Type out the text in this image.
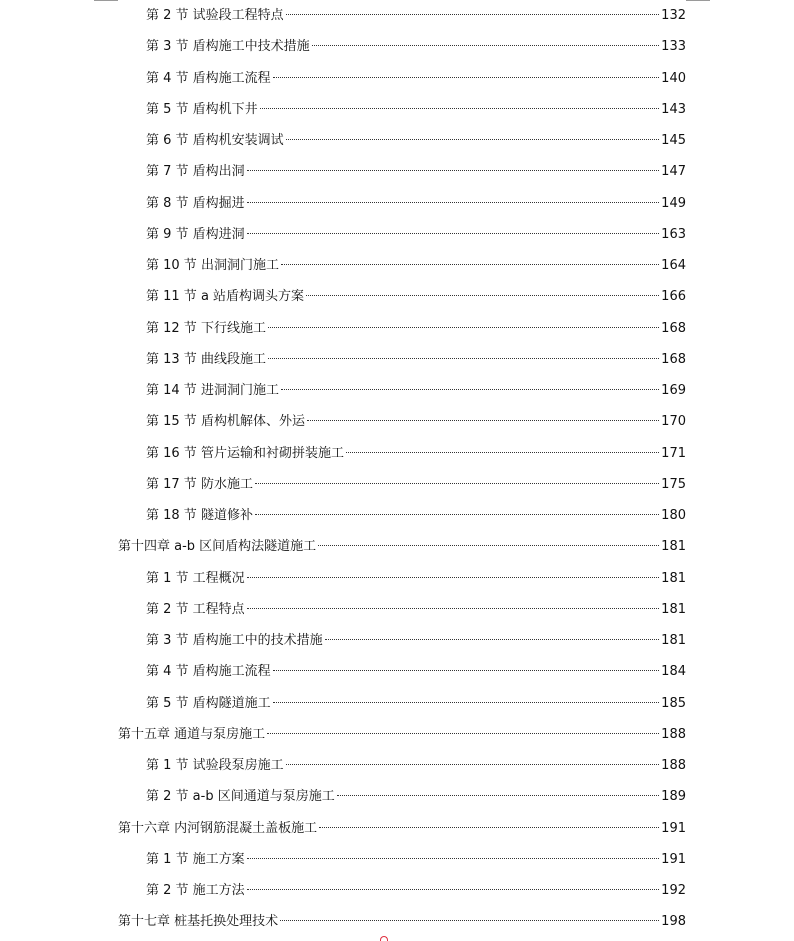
第 2 节 试验段工程特点	132
第 3 节 盾构施工中技术措施	133
第 4 节 盾构施工流程	140
第 5 节 盾构机下井	143
第 6 节 盾构机安装调试	145
第 7 节 盾构出洞	147
第 8 节 盾构掘进	149
第 9 节 盾构进洞	163
第 10 节 出洞洞门施工	164
第 11 节 a 站盾构调头方案	166
第 12 节 下行线施工	168
第 13 节 曲线段施工	168
第 14 节 进洞洞门施工	169
第 15 节 盾构机解体、外运	170
第 16 节 管片运输和衬砌拼装施工	171
第 17 节 防水施工	175
第 18 节 隧道修补	180
第十四章 a-b 区间盾构法隧道施工	181
第 1 节 工程概况	181
第 2 节 工程特点	181
第 3 节 盾构施工中的技术措施	181
第 4 节 盾构施工流程	184
第 5 节 盾构隧道施工	185
第十五章 通道与泵房施工	188
第 1 节 试验段泵房施工	188
第 2 节 a-b 区间通道与泵房施工	189
第十六章 内河钢筋混凝土盖板施工	191
第 1 节 施工方案	191
第 2 节 施工方法	192
第十七章 桩基托换处理技术	198
